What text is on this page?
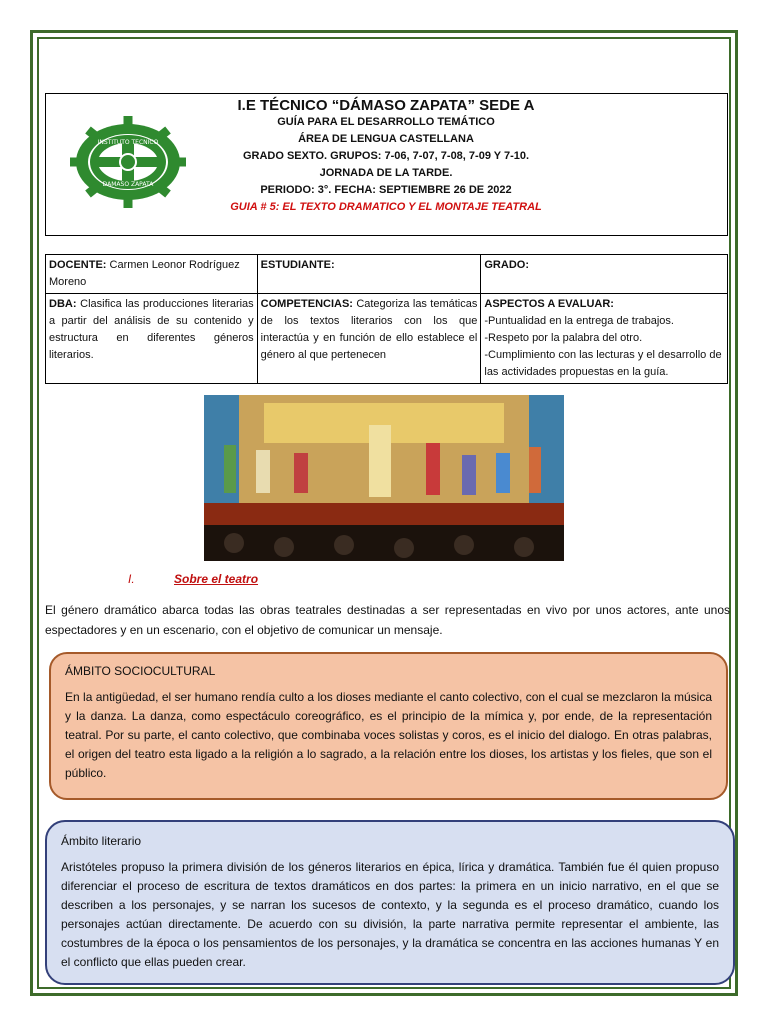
INSTITUTO TECNICO
DAMASO ZAPATA
I.E TÉCNICO “DÁMASO ZAPATA” SEDE A
GUÍA PARA EL DESARROLLO TEMÁTICO
ÁREA DE LENGUA CASTELLANA
GRADO SEXTO. GRUPOS: 7-06, 7-07, 7-08, 7-09 Y 7-10.
JORNADA DE LA TARDE.
PERIODO: 3°. FECHA: SEPTIEMBRE 26 DE 2022
GUIA # 5: EL TEXTO DRAMATICO Y EL MONTAJE TEATRAL
DOCENTE: Carmen Leonor Rodríguez Moreno	ESTUDIANTE:	GRADO:
DBA: Clasifica las producciones literarias a partir del análisis de su contenido y estructura en diferentes géneros literarios.	COMPETENCIAS: Categoriza las temáticas de los textos literarios con los que interactúa y en función de ello establece el género al que pertenecen	ASPECTOS A EVALUAR:
-Puntualidad en la entrega de trabajos.
-Respeto por la palabra del otro.
-Cumplimiento con las lecturas y el desarrollo de las actividades propuestas en la guía.
I.	Sobre el teatro
El género dramático abarca todas las obras teatrales destinadas a ser representadas en vivo por unos actores, ante unos espectadores y en un escenario, con el objetivo de comunicar un mensaje.
ÁMBITO SOCIOCULTURAL
En la antigüedad, el ser humano rendía culto a los dioses mediante el canto colectivo, con el cual se mezclaron la música y la danza. La danza, como espectáculo coreográfico, es el principio de la mímica y, por ende, de la representación teatral. Por su parte, el canto colectivo, que combinaba voces solistas y coros, es el inicio del dialogo. En otras palabras, el origen del teatro esta ligado a la religión a lo sagrado, a la relación entre los dioses, los artistas y los fieles, que son el público.
Ámbito literario
Aristóteles propuso la primera división de los géneros literarios en épica, lírica y dramática. También fue él quien propuso diferenciar el proceso de escritura de textos dramáticos en dos partes: la primera en un inicio narrativo, en el que se describen a los personajes, y se narran los sucesos de contexto, y la segunda es el proceso dramático, cuando los personajes actúan directamente. De acuerdo con su división, la parte narrativa permite representar el ambiente, las costumbres de la época o los pensamientos de los personajes, y la dramática se concentra en las acciones humanas Y en el conflicto que ellas pueden crear.
